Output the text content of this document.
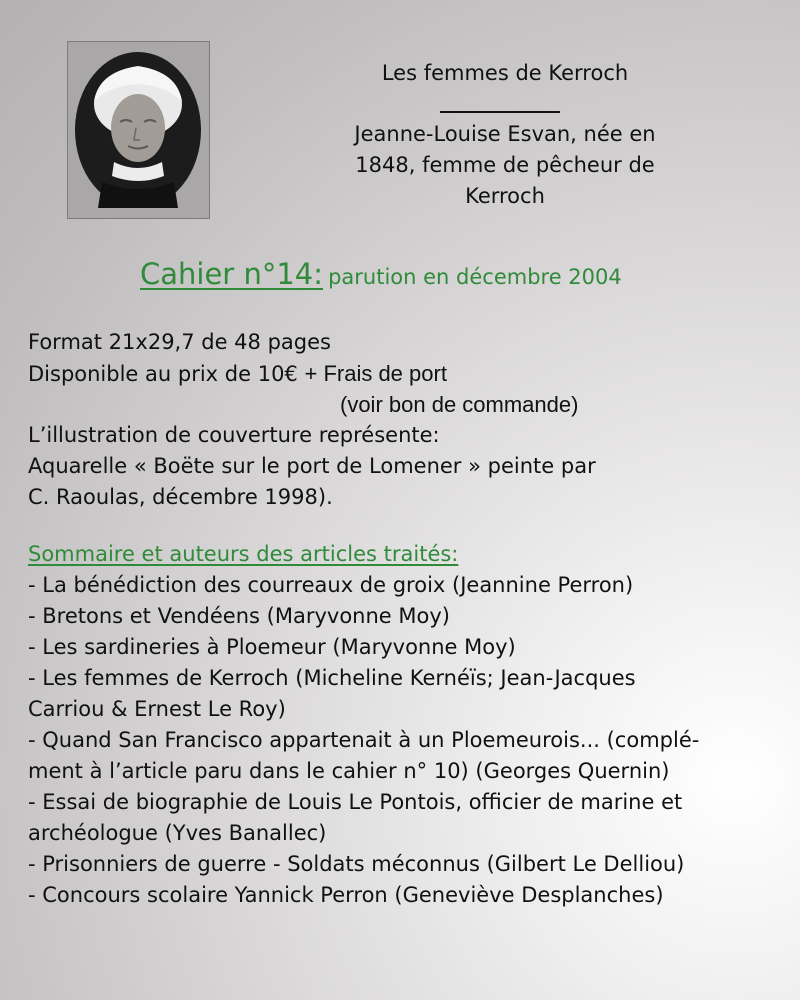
Les femmes de Kerroch
Jeanne-Louise Esvan, née en
1848, femme de pêcheur de
Kerroch
Cahier n°14: parution en décembre 2004
Format 21x29,7 de 48 pages
Disponible au prix de 10€ + Frais de port
(voir bon de commande)
L’illustration de couverture représente:
Aquarelle « Boëte sur le port de Lomener » peinte par
C. Raoulas, décembre 1998).
Sommaire et auteurs des articles traités:
- La bénédiction des courreaux de groix (Jeannine Perron)
- Bretons et Vendéens (Maryvonne Moy)
- Les sardineries à Ploemeur (Maryvonne Moy)
- Les femmes de Kerroch (Micheline Kernéïs; Jean-Jacques
Carriou & Ernest Le Roy)
- Quand San Francisco appartenait à un Ploemeurois... (complé-
ment à l’article paru dans le cahier n° 10) (Georges Quernin)
- Essai de biographie de Louis Le Pontois, officier de marine et
archéologue (Yves Banallec)
- Prisonniers de guerre - Soldats méconnus (Gilbert Le Delliou)
- Concours scolaire Yannick Perron (Geneviève Desplanches)
